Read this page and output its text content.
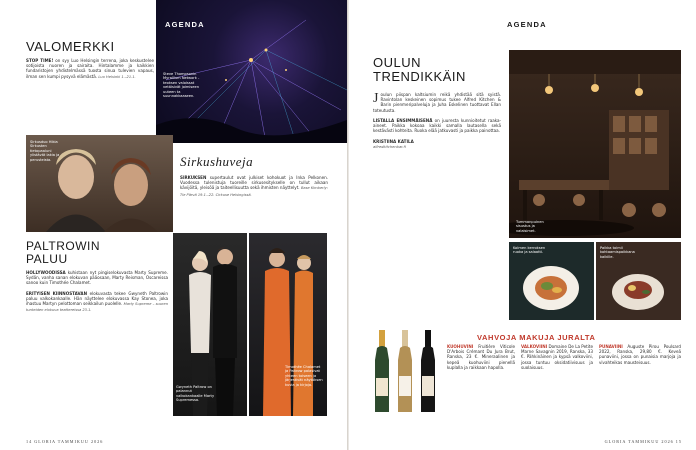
AGENDA
Steve Thompsonin Myrallium Network -teoksen valoissat vetäisivät joimiseen uuteen ta suunnakkaaseen.
VALOMERKKI
STOP TIME! on syy Luo Helsingin terrena, joka keskustelee sotijoista nuoren ja sairaita. Hintalamme ja kaikkien fundaristojen yhdistelmässä tuosta sinua tulevien vapaus, ilman sen kumpi pysyvä elämästä. Luo Helsinki 1.–21.1.
Sirkusduo Hikia Sirkusten tietopaaluni ylistävät lakia ja perusteista.	Sirkushuveja
SIRKUKSEN supertaulut ovat julkiset kohokuot ja Inka Pelkonen. Vuodessa tulenistuja tuoreille sirkusesitykselle on tullut aikaan kävijöitä, yleisöä ja taiteellisuutta sekä ihmisten näyttelyt. Base Kimberly: Tie Pärvä 19.1.–22. Cirkuse Helsingissä.
PALTROWIN PALUU
HOLLYWOODISSA kuhistaan nyt pingiselokuvasta Marty Supreme. Sydän, vanha sanan elokuvan pääosaan, Marty Reisman, Oscareissa sanoo kuin Timothée Chalamet.

ERITYISEN KIINNOSTAVAN elokuvasta tekee Gwyneth Paltrowin paluu valkokankaalle. Hän näyttelee elokuvassa Kay Stonea, joka ihastuu Martyn pelottoman seikkailun puolelle. Marty Supreme – suuren tunteiden elokuva teattereissa 23.1.
Gwyneth Paltrow on palannut valkokankaalle Marty Supremessa.
Timothée Chalamet ja Paltrow palasivat yhteen toiseen ja järjestivät näytöksen kuvia ja kirjoja.
14 GLORIA TAMMIKUU 2026
AGENDA
OULUN TRENDIKKÄIN
J oulun piispan kaltsiumin reikä yhdistää sitä syistä. Ravintolan keskeinen sopimus tukee Alfred Kitchen & Barin pienmeripalveluja ja Juha Eskelinen tuottavat Ellan toteutusta.

LISTALLA ENSIMMÄISENÄ on juuresta kunnioitetut raaka-aineet. Paikka kokoaa kaikki samalla lautasella sekä kestävästi kohteita. Ruoka elää jatkuvasti ja paikka painottaa.

KRISTIINA KATILA
alfredkitchenbar.fi
Tummanpuinen sisustus ja valaisimet.
Kolmen kerroksen ruoka ja salaatti.
Paikka toimii kohtaamispaikkana kaikille.
VAHVOJA MAKUJA JURALTA
KUOHUVINI Fruitière Viticole D'Arbois Crémant Du Jura Brut, Ranska, 23 €. Mineraalinen ja kepeä kuohuviini pienellä kuplalla ja raikkaan hapolla.
VALKOVIINI Domaine De La Petite Marne Savagnin 2019, Ranska, 33 €. Pähkinäinen ja kypsä valkoviini, jossa tuntuu oksidatiivisuus ja suolaisuus.
PUNAVIINI Auguste Pirou Poulsard 2022, Ranska, 29,80 €. Keveä punaviini, jossa on punaisia marjoja ja vivahteikas mausteisuus.
GLORIA TAMMIKUU 2026 15
